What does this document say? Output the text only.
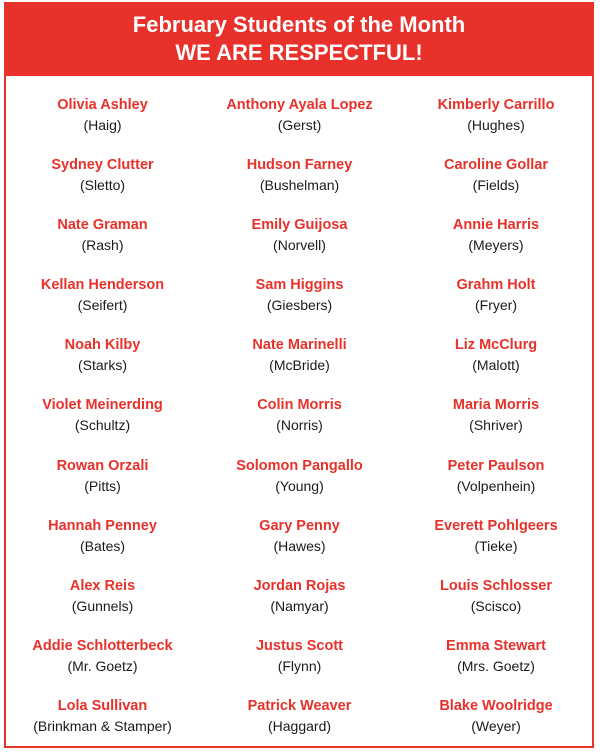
February Students of the Month
WE ARE RESPECTFUL!
Olivia Ashley
(Haig)
Anthony Ayala Lopez
(Gerst)
Kimberly Carrillo
(Hughes)
Sydney Clutter
(Sletto)
Hudson Farney
(Bushelman)
Caroline Gollar
(Fields)
Nate Graman
(Rash)
Emily Guijosa
(Norvell)
Annie Harris
(Meyers)
Kellan Henderson
(Seifert)
Sam Higgins
(Giesbers)
Grahm Holt
(Fryer)
Noah Kilby
(Starks)
Nate Marinelli
(McBride)
Liz McClurg
(Malott)
Violet Meinerding
(Schultz)
Colin Morris
(Norris)
Maria Morris
(Shriver)
Rowan Orzali
(Pitts)
Solomon Pangallo
(Young)
Peter Paulson
(Volpenhein)
Hannah Penney
(Bates)
Gary Penny
(Hawes)
Everett Pohlgeers
(Tieke)
Alex Reis
(Gunnels)
Jordan Rojas
(Namyar)
Louis Schlosser
(Scisco)
Addie Schlotterbeck
(Mr. Goetz)
Justus Scott
(Flynn)
Emma Stewart
(Mrs. Goetz)
Lola Sullivan
(Brinkman & Stamper)
Patrick Weaver
(Haggard)
Blake Woolridge
(Weyer)
